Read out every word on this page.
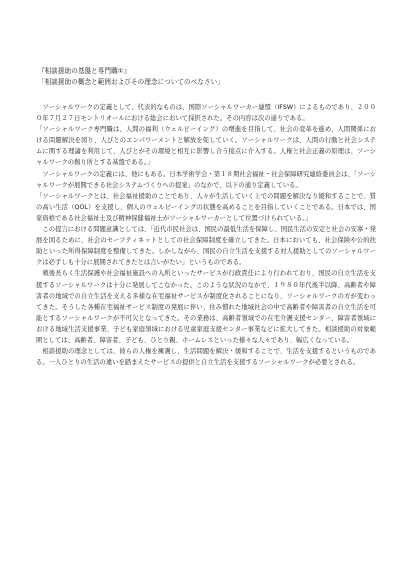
『相談援助の基盤と専門職①』
「相談援助の概念と範囲およびその理念についてのべなさい」

ソーシャルワークの定義として、代表的なものは、国際ソーシャルワーカー連盟（IFSW）によるものであり、２０００年７月２７日モントリオールにおける総会において採択された。その内容は次の通りである。

「ソーシャルワーク専門職は、人間の福利（ウェルビーイング）の増進を目指して、社会の変革を進め、人間関係における問題解決を図り、人びとのエンパワーメントと解放を促していく。ソーシャルワークは、人間の行動と社会システムに関する理論を利用して、人びとがその環境と相互に影響し合う接点に介入する。人権と社会正義の原理は、ソーシャルワークの拠り所とする基盤である。」

ソーシャルワークの定義には、他にもある。日本学術学会・第１８期社会福祉・社会保障研究連絡委員会は、「ソーシャルワークが展開できる社会システムづくりへの提案」のなかで、以下の通り定義している。

「ソーシャルワークとは、社会福祉援助のことであり、人々が生活していく上での問題を解決なり緩和することで、質の高い生活（QOL）を支援し、個人のウェルビーイングの状態を高めることを目指していくことである。日本では、国家資格である社会福祉士及び精神保健福祉士がソーシャルワーカーとして位置づけられている。」

この提言における問題意識としては、「近代市民社会は、国民の最低生活を保障し、国民生活の安定と社会の安寧・発展を図るために、社会のセーフティネットとしての社会保障制度を確立してきた。日本においても、社会保険や公的扶助といった所得保障制度を整備してきた。しかしながら、国民の自立生活を支援する対人援助としてのソーシャルワークは必ずしも十分に展開されてきたとは言いがたい」というものである。

戦後長らく生活保護や社会福祉施設への入所といったサービスが行政責任により行われており、国民の自立生活を支援するソーシャルワークは十分に発展してこなかった。このような状況のなかで、１９８０年代後半以降、高齢者や障害者の地域での自立生活を支える多様な在宅福祉サービスが制度化されることになり、ソーシャルワークの方が変わってきた。そうした各種在宅福祉サービス制度の発展に伴い、住み慣れた地域社会の中で高齢者や障害者の自立生活を可能とするソーシャルワークが不可欠となってきた。その業務は、高齢者領域での在宅介護支援センター、障害者領域における地域生活支援事業、子ども家庭領域における児童家庭支援センター事業などに拡大してきた。相談援助の対象範囲としては、高齢者、障害者、子ども、ひとり親、ホームレスといった様々な人々であり、幅広くなっている。

相談援助の理念としては、彼らの人権を擁護し、生活問題を解決・緩和することで、生活を支援するというものである。一人ひとりの生活の違いを踏まえたサービスの提供と自立生活を支援するソーシャルワークが必要とされる。
